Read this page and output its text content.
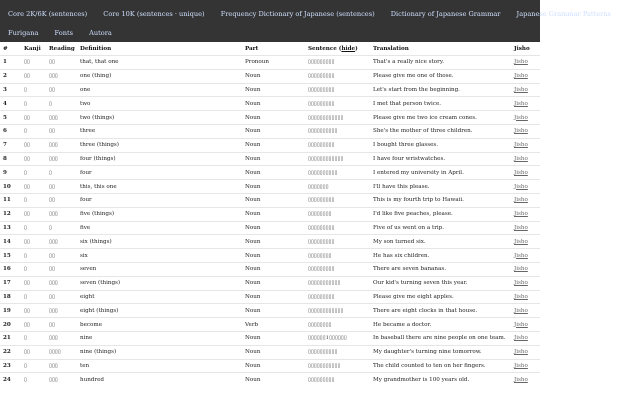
Core 2K/6K (sentences) Core 10K (sentences · unique) Frequency Dictionary of Japanese (sentences) Dictionary of Japanese Grammar Japanese Grammar Patterns
Furigana Fonts Autora
#	Kanji	Reading	Definition	Part	Sentence (hide)	Translation	Jisho
1	▯▯	▯▯	that, that one	Pronoun	▯▯▯▯▯▯▯▯▯	That's a really nice story.	Jisho
2	▯▯	▯▯▯	one (thing)	Noun	▯▯▯▯▯▯▯▯▯	Please give me one of those.	Jisho
3	▯	▯▯	one	Noun	▯▯▯▯▯▯▯▯▯	Let's start from the beginning.	Jisho
4	▯	▯	two	Noun	▯▯▯▯▯▯▯▯▯	I met that person twice.	Jisho
5	▯▯	▯▯▯	two (things)	Noun	▯▯▯▯▯▯▯▯▯▯▯▯	Please give me two ice cream cones.	Jisho
6	▯	▯▯	three	Noun	▯▯▯▯▯▯▯▯▯▯	She's the mother of three children.	Jisho
7	▯▯	▯▯▯	three (things)	Noun	▯▯▯▯▯▯▯▯▯	I bought three glasses.	Jisho
8	▯▯	▯▯▯	four (things)	Noun	▯▯▯▯▯▯▯▯▯▯▯▯	I have four wristwatches.	Jisho
9	▯	▯	four	Noun	▯▯▯▯▯▯▯▯▯▯	I entered my university in April.	Jisho
10	▯▯	▯▯	this, this one	Noun	▯▯▯▯▯▯▯	I'll have this please.	Jisho
11	▯	▯▯	four	Noun	▯▯▯▯▯▯▯▯▯	This is my fourth trip to Hawaii.	Jisho
12	▯▯	▯▯▯	five (things)	Noun	▯▯▯▯▯▯▯▯	I'd like five peaches, please.	Jisho
13	▯	▯	five	Noun	▯▯▯▯▯▯▯▯▯	Five of us went on a trip.	Jisho
14	▯▯	▯▯▯	six (things)	Noun	▯▯▯▯▯▯▯▯▯	My son turned six.	Jisho
15	▯	▯▯	six	Noun	▯▯▯▯▯▯▯▯	He has six children.	Jisho
16	▯	▯▯	seven	Noun	▯▯▯▯▯▯▯▯▯	There are seven bananas.	Jisho
17	▯▯	▯▯▯	seven (things)	Noun	▯▯▯▯▯▯▯▯▯▯▯	Our kid's turning seven this year.	Jisho
18	▯	▯▯	eight	Noun	▯▯▯▯▯▯▯▯▯	Please give me eight apples.	Jisho
19	▯▯	▯▯▯	eight (things)	Noun	▯▯▯▯▯▯▯▯▯▯▯▯	There are eight clocks in that house.	Jisho
20	▯▯	▯▯	become	Verb	▯▯▯▯▯▯▯▯	He became a doctor.	Jisho
21	▯	▯▯▯	nine	Noun	▯▯▯▯▯▯1▯▯▯▯▯▯	In baseball there are nine people on one team.	Jisho
22	▯▯	▯▯▯▯	nine (things)	Noun	▯▯▯▯▯▯▯▯▯▯	My daughter's turning nine tomorrow.	Jisho
23	▯	▯▯▯	ten	Noun	▯▯▯▯▯▯▯▯▯▯▯	The child counted to ten on her fingers.	Jisho
24	▯	▯▯▯	hundred	Noun	▯▯▯▯▯▯▯▯▯	My grandmother is 100 years old.	Jisho
